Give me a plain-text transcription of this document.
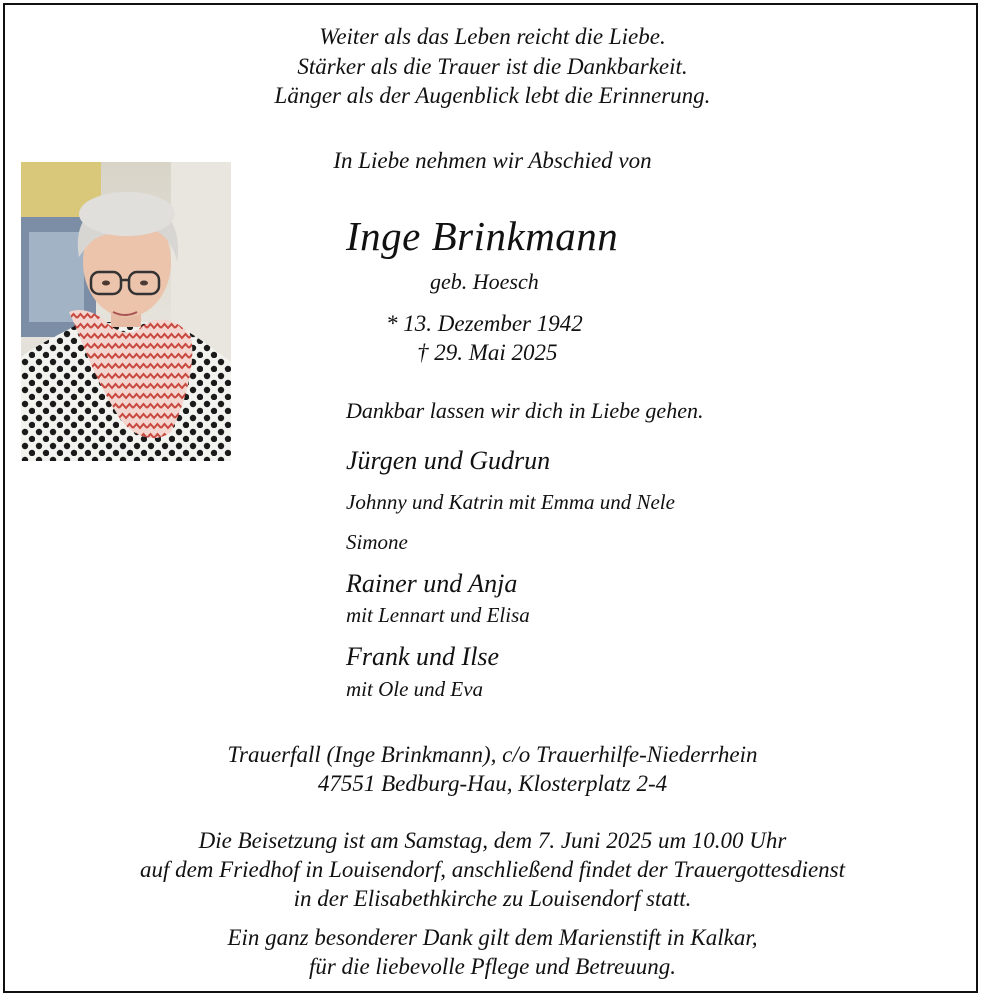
Weiter als das Leben reicht die Liebe.
Stärker als die Trauer ist die Dankbarkeit.
Länger als der Augenblick lebt die Erinnerung.
In Liebe nehmen wir Abschied von
Inge Brinkmann
geb. Hoesch
* 13. Dezember 1942
† 29. Mai 2025
Dankbar lassen wir dich in Liebe gehen.
Jürgen und Gudrun
Johnny und Katrin mit Emma und Nele
Simone
Rainer und Anja
mit Lennart und Elisa
Frank und Ilse
mit Ole und Eva
Trauerfall (Inge Brinkmann), c/o Trauerhilfe-Niederrhein
47551 Bedburg-Hau, Klosterplatz 2-4
Die Beisetzung ist am Samstag, dem 7. Juni 2025 um 10.00 Uhr
auf dem Friedhof in Louisendorf, anschließend findet der Trauergottesdienst
in der Elisabethkirche zu Louisendorf statt.
Ein ganz besonderer Dank gilt dem Marienstift in Kalkar,
für die liebevolle Pflege und Betreuung.
